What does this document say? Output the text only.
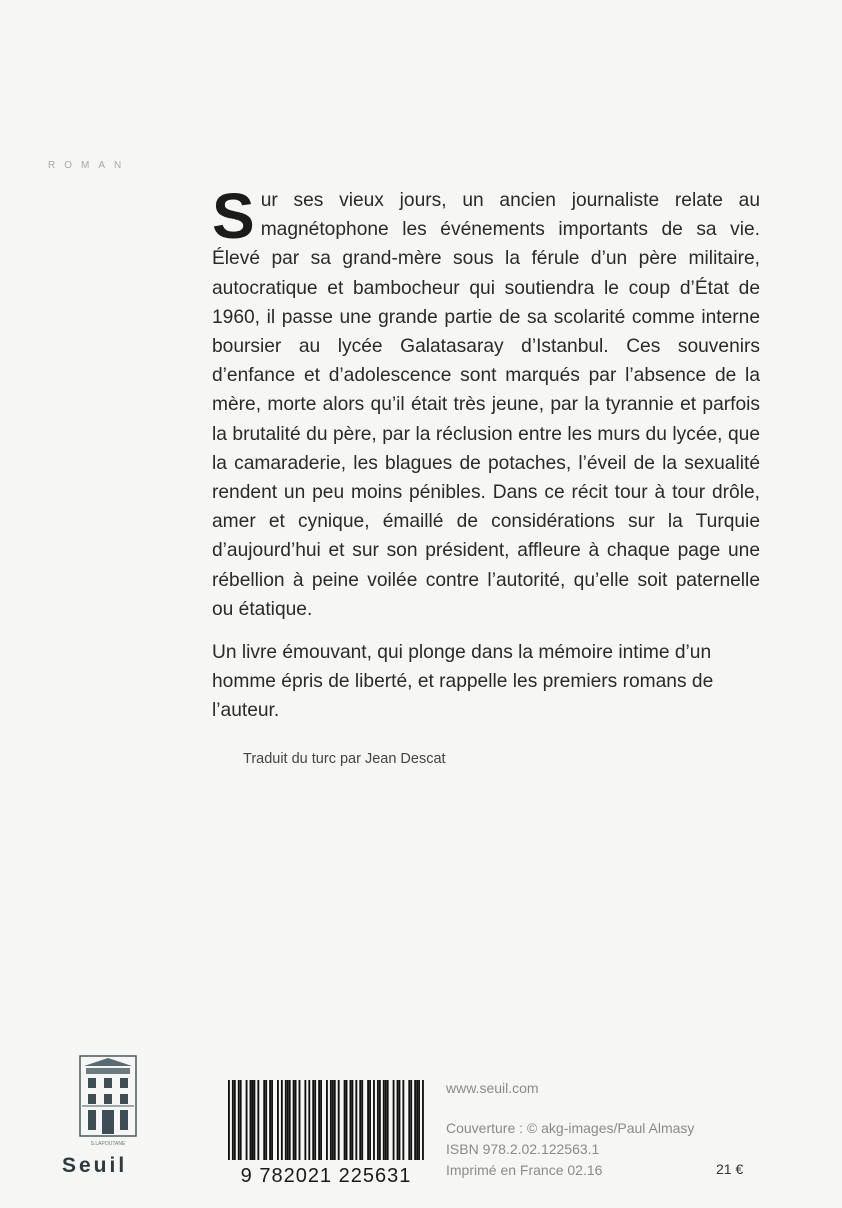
ROMAN
Sur ses vieux jours, un ancien journaliste relate au magnétophone les événements importants de sa vie. Élevé par sa grand-mère sous la férule d’un père militaire, autocratique et bambocheur qui soutiendra le coup d’État de 1960, il passe une grande partie de sa scolarité comme interne boursier au lycée Galatasaray d’Istanbul. Ces souvenirs d’enfance et d’adolescence sont marqués par l’absence de la mère, morte alors qu’il était très jeune, par la tyrannie et parfois la brutalité du père, par la réclusion entre les murs du lycée, que la camaraderie, les blagues de potaches, l’éveil de la sexualité rendent un peu moins pénibles. Dans ce récit tour à tour drôle, amer et cynique, émaillé de considérations sur la Turquie d’aujourd’hui et sur son président, affleure à chaque page une rébellion à peine voilée contre l’autorité, qu’elle soit paternelle ou étatique.
Un livre émouvant, qui plonge dans la mémoire intime d’un homme épris de liberté, et rappelle les premiers romans de l’auteur.
Traduit du turc par Jean Descat
S.LAPOUTANE
Seuil	9 782021 225631
www.seuil.com
Couverture : © akg-images/Paul Almasy
ISBN 978.2.02.122563.1
Imprimé en France 02.16	21 €
